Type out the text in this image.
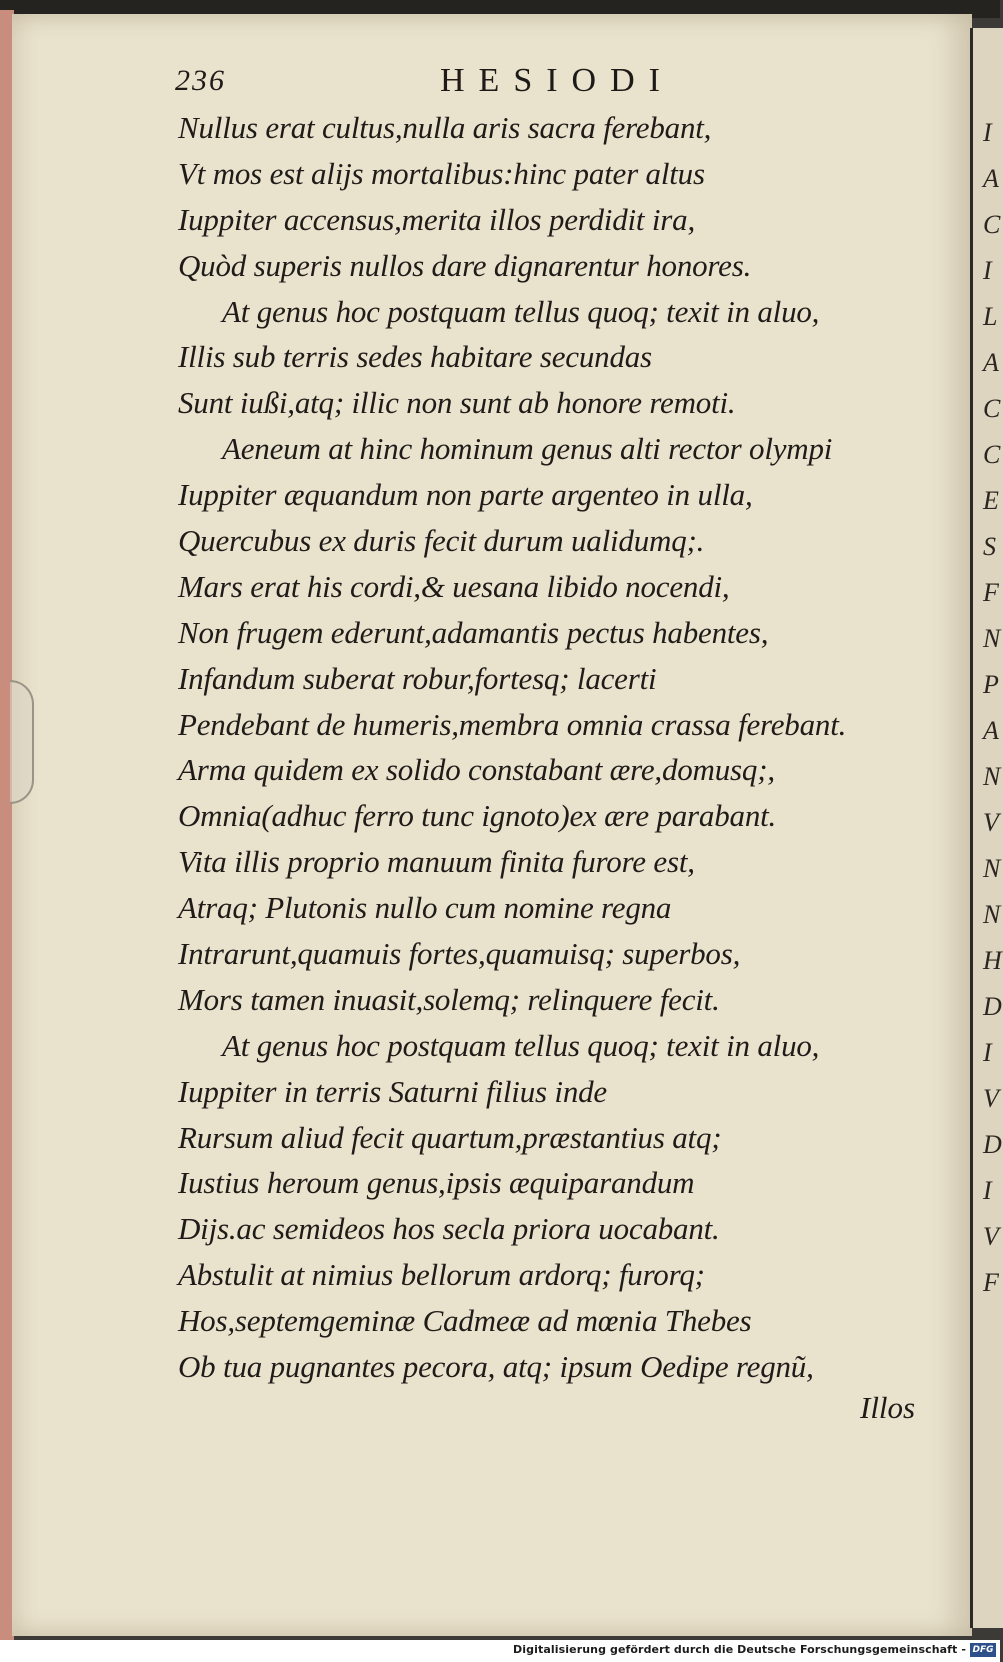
I
A
C
I
L
A
C
C
E
S
F
N
P
A
N
V
N
N
H
D
I
V
D
I
V
F
236	HESIODI
Nullus erat cultus,nulla aris sacra ferebant,
Vt mos est alijs mortalibus:hinc pater altus
Iuppiter accensus,merita illos perdidit ira,
Quòd superis nullos dare dignarentur honores.
At genus hoc postquam tellus quoq; texit in aluo,
Illis sub terris sedes habitare secundas
Sunt iußi,atq; illic non sunt ab honore remoti.
Aeneum at hinc hominum genus alti rector olympi
Iuppiter æquandum non parte argenteo in ulla,
Quercubus ex duris fecit durum ualidumq;.
Mars erat his cordi,& uesana libido nocendi,
Non frugem ederunt,adamantis pectus habentes,
Infandum suberat robur,fortesq; lacerti
Pendebant de humeris,membra omnia crassa ferebant.
Arma quidem ex solido constabant ære,domusq;,
Omnia(adhuc ferro tunc ignoto)ex ære parabant.
Vita illis proprio manuum finita furore est,
Atraq; Plutonis nullo cum nomine regna
Intrarunt,quamuis fortes,quamuisq; superbos,
Mors tamen inuasit,solemq; relinquere fecit.
At genus hoc postquam tellus quoq; texit in aluo,
Iuppiter in terris Saturni filius inde
Rursum aliud fecit quartum,præstantius atq;
Iustius heroum genus,ipsis æquiparandum
Dijs.ac semideos hos secla priora uocabant.
Abstulit at nimius bellorum ardorq; furorq;
Hos,septemgeminæ Cadmeæ ad mœnia Thebes
Ob tua pugnantes pecora, atq; ipsum Oedipe regnũ,
Illos
Digitalisierung gefördert durch die Deutsche Forschungsgemeinschaft - DFG
